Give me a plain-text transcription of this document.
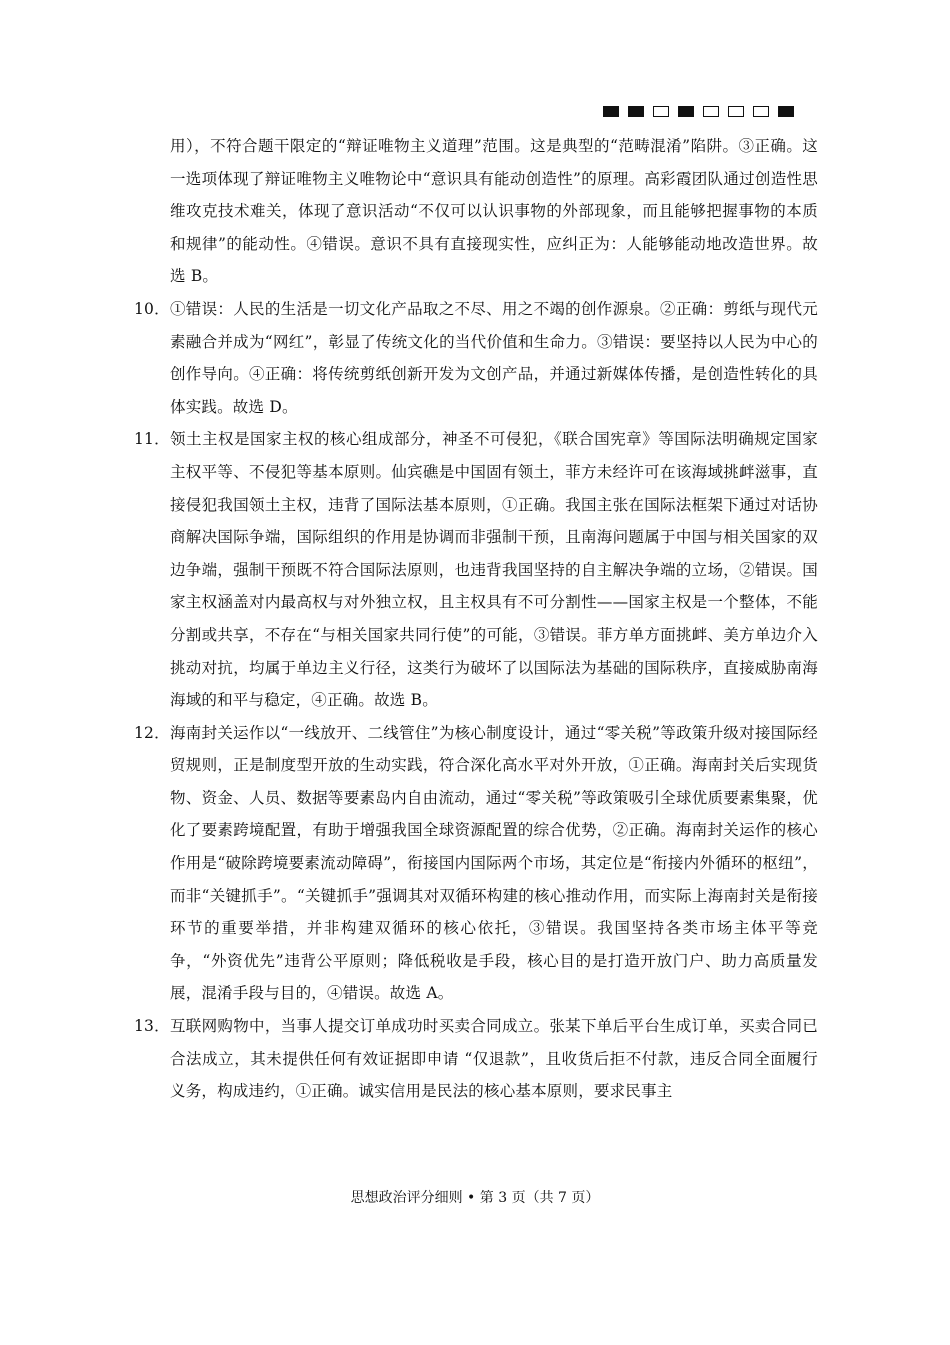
用），不符合题干限定的“辩证唯物主义道理”范围。这是典型的“范畴混淆”陷阱。③正确。这一选项体现了辩证唯物主义唯物论中“意识具有能动创造性”的原理。高彩霞团队通过创造性思维攻克技术难关，体现了意识活动“不仅可以认识事物的外部现象，而且能够把握事物的本质和规律”的能动性。④错误。意识不具有直接现实性，应纠正为：人能够能动地改造世界。故选 B。

10． ①错误：人民的生活是一切文化产品取之不尽、用之不竭的创作源泉。②正确：剪纸与现代元素融合并成为“网红”，彰显了传统文化的当代价值和生命力。③错误：要坚持以人民为中心的创作导向。④正确：将传统剪纸创新开发为文创产品，并通过新媒体传播，是创造性转化的具体实践。故选 D。

11． 领土主权是国家主权的核心组成部分，神圣不可侵犯，《联合国宪章》等国际法明确规定国家主权平等、不侵犯等基本原则。仙宾礁是中国固有领土，菲方未经许可在该海域挑衅滋事，直接侵犯我国领土主权，违背了国际法基本原则，①正确。我国主张在国际法框架下通过对话协商解决国际争端，国际组织的作用是协调而非强制干预，且南海问题属于中国与相关国家的双边争端，强制干预既不符合国际法原则，也违背我国坚持的自主解决争端的立场，②错误。国家主权涵盖对内最高权与对外独立权，且主权具有不可分割性——国家主权是一个整体，不能分割或共享，不存在“与相关国家共同行使”的可能，③错误。菲方单方面挑衅、美方单边介入挑动对抗，均属于单边主义行径，这类行为破坏了以国际法为基础的国际秩序，直接威胁南海海域的和平与稳定，④正确。故选 B。

12． 海南封关运作以“一线放开、二线管住”为核心制度设计，通过“零关税”等政策升级对接国际经贸规则，正是制度型开放的生动实践，符合深化高水平对外开放，①正确。海南封关后实现货物、资金、人员、数据等要素岛内自由流动，通过“零关税”等政策吸引全球优质要素集聚，优化了要素跨境配置，有助于增强我国全球资源配置的综合优势，②正确。海南封关运作的核心作用是“破除跨境要素流动障碍”，衔接国内国际两个市场，其定位是“衔接内外循环的枢纽”，而非“关键抓手”。“关键抓手”强调其对双循环构建的核心推动作用，而实际上海南封关是衔接环节的重要举措，并非构建双循环的核心依托，③错误。我国坚持各类市场主体平等竞争，“外资优先”违背公平原则；降低税收是手段，核心目的是打造开放门户、助力高质量发展，混淆手段与目的，④错误。故选 A。

13． 互联网购物中，当事人提交订单成功时买卖合同成立。张某下单后平台生成订单，买卖合同已合法成立，其未提供任何有效证据即申请 “仅退款”，且收货后拒不付款，违反合同全面履行义务，构成违约，①正确。诚实信用是民法的核心基本原则，要求民事主

思想政治评分细则 • 第 3 页（共 7 页）
